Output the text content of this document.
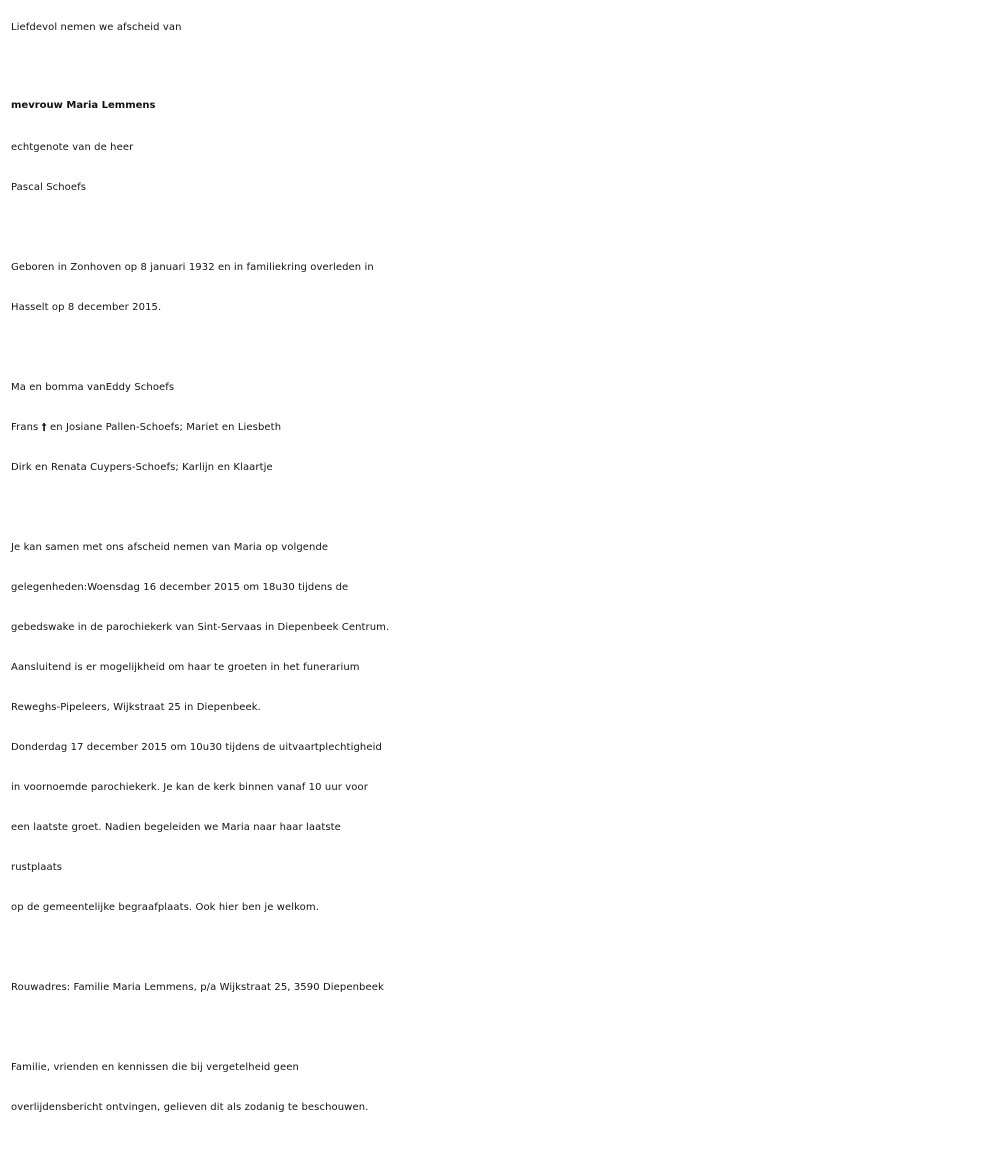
Liefdevol nemen we afscheid van
mevrouw Maria Lemmens
echtgenote van de heer
Pascal Schoefs
Geboren in Zonhoven op 8 januari 1932 en in familiekring overleden in
Hasselt op 8 december 2015.
Ma en bomma vanEddy Schoefs
Frans † en Josiane Pallen-Schoefs; Mariet en Liesbeth
Dirk en Renata Cuypers-Schoefs; Karlijn en Klaartje
Je kan samen met ons afscheid nemen van Maria op volgende
gelegenheden:Woensdag 16 december 2015 om 18u30 tijdens de
gebedswake in de parochiekerk van Sint-Servaas in Diepenbeek Centrum.
Aansluitend is er mogelijkheid om haar te groeten in het funerarium
Reweghs-Pipeleers, Wijkstraat 25 in Diepenbeek.
Donderdag 17 december 2015 om 10u30 tijdens de uitvaartplechtigheid
in voornoemde parochiekerk. Je kan de kerk binnen vanaf 10 uur voor
een laatste groet. Nadien begeleiden we Maria naar haar laatste
rustplaats
op de gemeentelijke begraafplaats. Ook hier ben je welkom.
Rouwadres: Familie Maria Lemmens, p/a Wijkstraat 25, 3590 Diepenbeek
Familie, vrienden en kennissen die bij vergetelheid geen
overlijdensbericht ontvingen, gelieven dit als zodanig te beschouwen.
